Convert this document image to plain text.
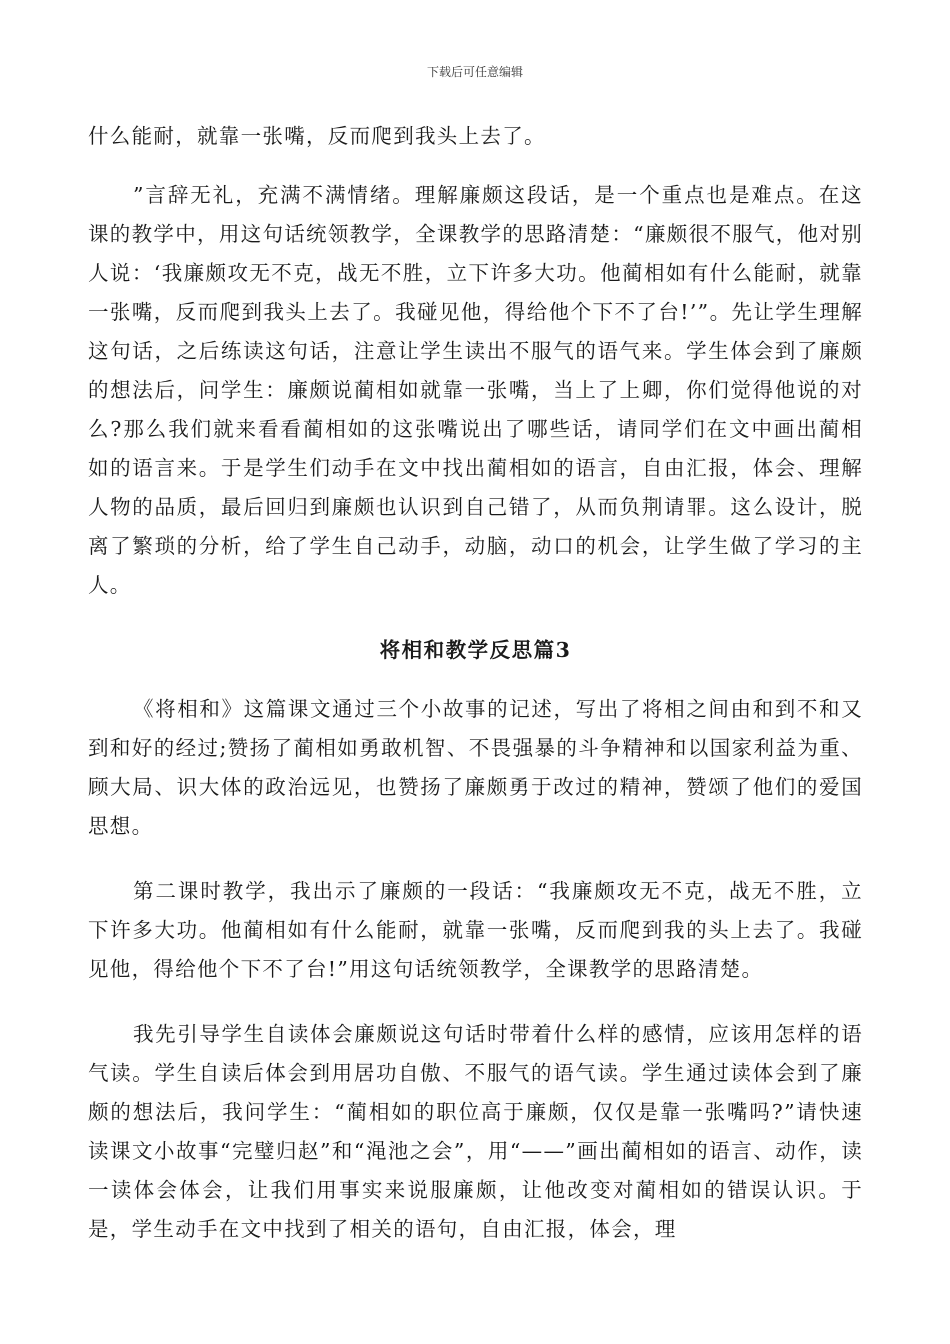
下载后可任意编辑

什么能耐，就靠一张嘴，反而爬到我头上去了。

”言辞无礼，充满不满情绪。理解廉颇这段话，是一个重点也是难点。在这课的教学中，用这句话统领教学，全课教学的思路清楚：“廉颇很不服气，他对别人说：‘我廉颇攻无不克，战无不胜，立下许多大功。他蔺相如有什么能耐，就靠一张嘴，反而爬到我头上去了。我碰见他，得给他个下不了台!’”。先让学生理解这句话，之后练读这句话，注意让学生读出不服气的语气来。学生体会到了廉颇的想法后，问学生：廉颇说蔺相如就靠一张嘴，当上了上卿，你们觉得他说的对么?那么我们就来看看蔺相如的这张嘴说出了哪些话，请同学们在文中画出蔺相如的语言来。于是学生们动手在文中找出蔺相如的语言，自由汇报，体会、理解人物的品质，最后回归到廉颇也认识到自己错了，从而负荆请罪。这么设计，脱离了繁琐的分析，给了学生自己动手，动脑，动口的机会，让学生做了学习的主人。

将相和教学反思篇3

《将相和》这篇课文通过三个小故事的记述，写出了将相之间由和到不和又到和好的经过;赞扬了蔺相如勇敢机智、不畏强暴的斗争精神和以国家利益为重、顾大局、识大体的政治远见，也赞扬了廉颇勇于改过的精神，赞颂了他们的爱国思想。

第二课时教学，我出示了廉颇的一段话：“我廉颇攻无不克，战无不胜，立下许多大功。他蔺相如有什么能耐，就靠一张嘴，反而爬到我的头上去了。我碰见他，得给他个下不了台!”用这句话统领教学，全课教学的思路清楚。

我先引导学生自读体会廉颇说这句话时带着什么样的感情，应该用怎样的语气读。学生自读后体会到用居功自傲、不服气的语气读。学生通过读体会到了廉颇的想法后，我问学生：“蔺相如的职位高于廉颇，仅仅是靠一张嘴吗?”请快速读课文小故事“完璧归赵”和“渑池之会”，用“——”画出蔺相如的语言、动作，读一读体会体会，让我们用事实来说服廉颇，让他改变对蔺相如的错误认识。于是，学生动手在文中找到了相关的语句，自由汇报，体会，理
